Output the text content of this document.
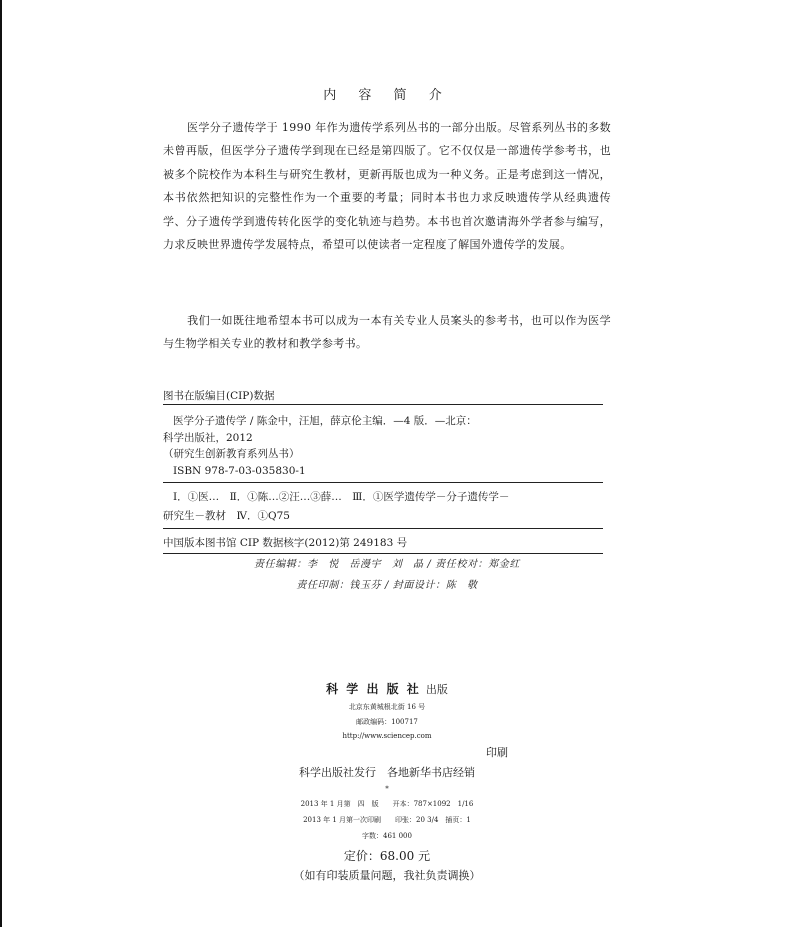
内 容 简 介

医学分子遗传学于 1990 年作为遗传学系列丛书的一部分出版。尽管系列丛书的多数未曾再版，但医学分子遗传学到现在已经是第四版了。它不仅仅是一部遗传学参考书，也被多个院校作为本科生与研究生教材，更新再版也成为一种义务。正是考虑到这一情况，本书依然把知识的完整性作为一个重要的考量；同时本书也力求反映遗传学从经典遗传学、分子遗传学到遗传转化医学的变化轨迹与趋势。本书也首次邀请海外学者参与编写，力求反映世界遗传学发展特点，希望可以使读者一定程度了解国外遗传学的发展。

我们一如既往地希望本书可以成为一本有关专业人员案头的参考书，也可以作为医学与生物学相关专业的教材和教学参考书。

图书在版编目(CIP)数据
医学分子遗传学 / 陈金中，汪旭，薛京伦主编．—4 版．—北京：
科学出版社，2012
（研究生创新教育系列丛书）
ISBN 978-7-03-035830-1
Ⅰ．①医…　Ⅱ．①陈…②汪…③薛…　Ⅲ．①医学遗传学－分子遗传学－
研究生－教材　Ⅳ．①Q75
中国版本图书馆 CIP 数据核字(2012)第 249183 号
责任编辑：李　悦　岳漫宇　刘　晶 / 责任校对：郑金红
责任印制：钱玉芬 / 封面设计：陈　敬
科 学 出 版 社 出版
北京东黄城根北街 16 号
邮政编码：100717
http://www.sciencep.com
印刷
科学出版社发行　各地新华书店经销
*
2013 年 1 月第　四　版　　开本：787×1092　1/16
2013 年 1 月第一次印刷　　印张：20 3/4　插页：1
字数：461 000
定价：68.00 元
（如有印装质量问题，我社负责调换）
